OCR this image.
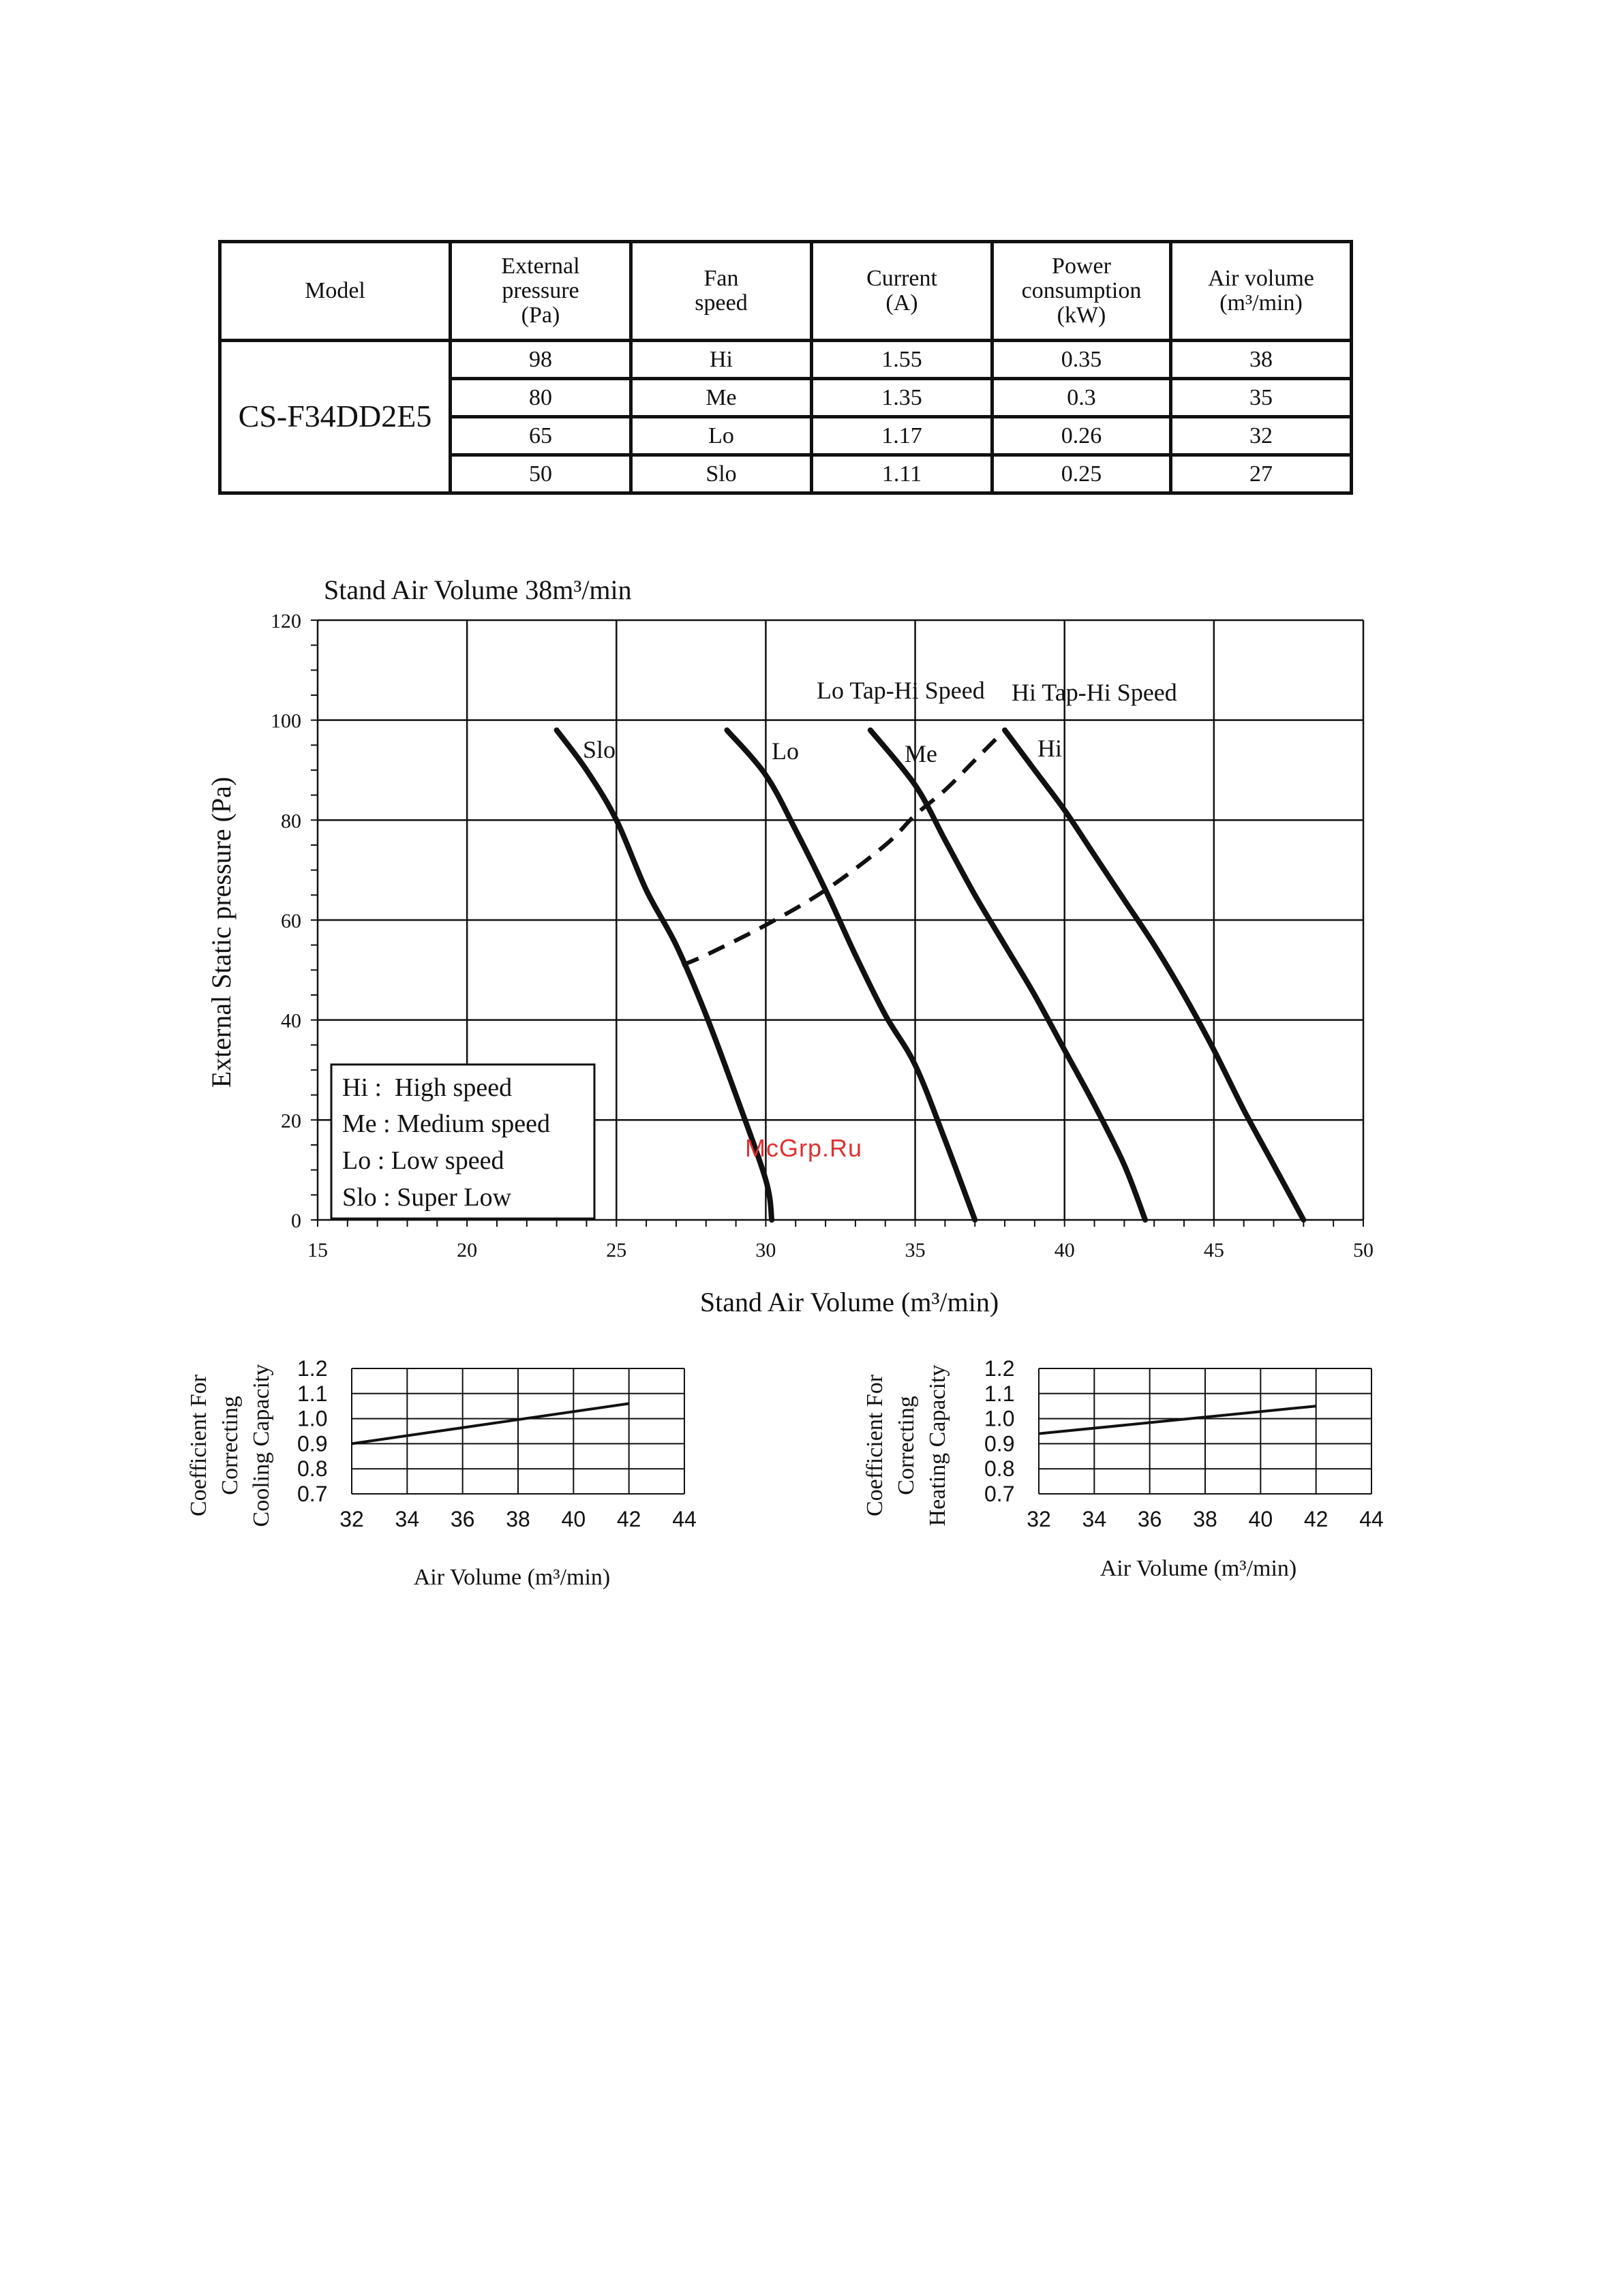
Model	External
pressure
(Pa)	Fan
speed	Current
(A)	Power
consumption
(kW)	Air volume
(m³/min)

CS-F34DD2E5	98	Hi	1.55	0.35	38
	80	Me	1.35	0.3	35
	65	Lo	1.17	0.26	32
	50	Slo	1.11	0.25	27
15	20	25	30	35	40	45	50
0
20
40
60
80
100
120
Stand Air Volume 38m³/min
Stand Air Volume (m³/min)
External Static pressure (Pa)
Slo	Lo	Me	Hi
Lo Tap-Hi Speed Hi Tap-Hi Speed
Hi :  High speed
Me : Medium speed
Lo : Low speed
Slo : Super Low
McGrp.Ru
32 34 36 38 40 42 44
0.7
0.8
0.9
1.0
1.1
1.2
32 34 36 38 40 42 44
0.7
0.8
0.9
1.0
1.1
1.2
Coefficient For Correcting Cooling Capacity
Air Volume (m³/min)
Coefficient For Correcting Heating Capacity
Air Volume (m³/min)
